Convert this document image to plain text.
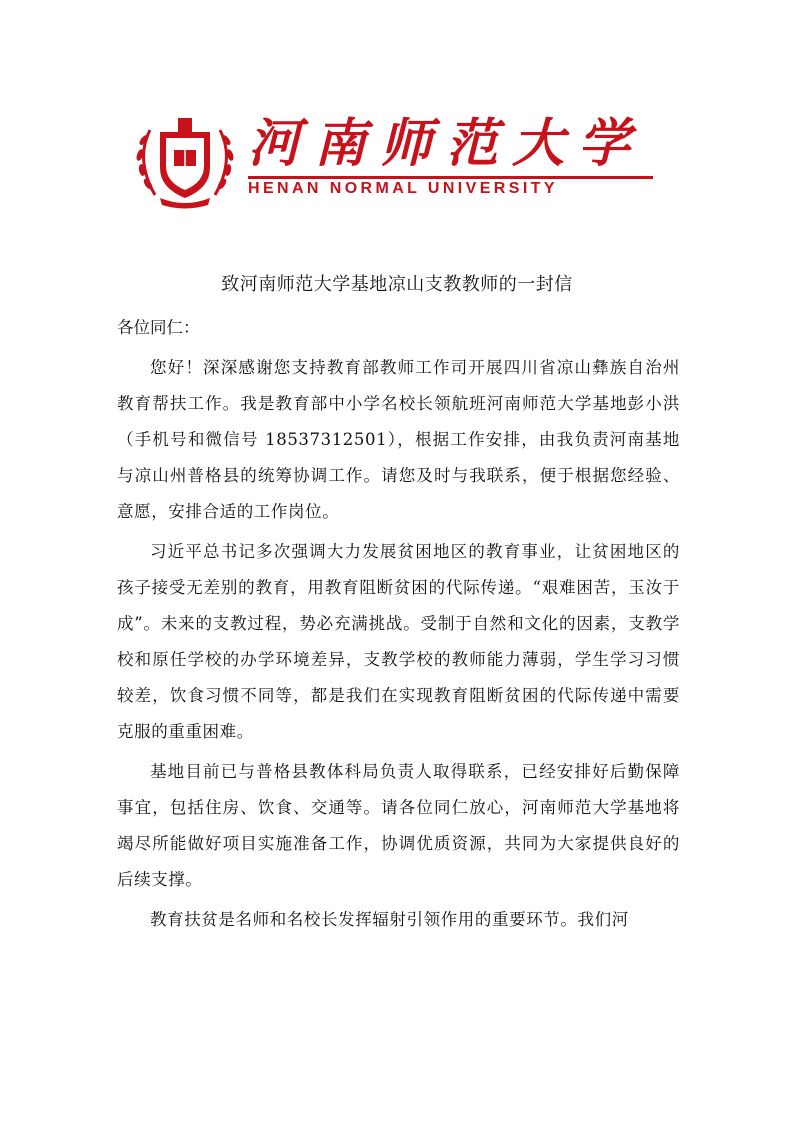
河南师范大学
HENAN NORMAL UNIVERSITY
致河南师范大学基地凉山支教教师的一封信
各位同仁：

您好！深深感谢您支持教育部教师工作司开展四川省凉山彝族自治州教育帮扶工作。我是教育部中小学名校长领航班河南师范大学基地彭小洪（手机号和微信号 18537312501），根据工作安排，由我负责河南基地与凉山州普格县的统筹协调工作。请您及时与我联系，便于根据您经验、意愿，安排合适的工作岗位。

习近平总书记多次强调大力发展贫困地区的教育事业，让贫困地区的孩子接受无差别的教育，用教育阻断贫困的代际传递。“艰难困苦，玉汝于成”。未来的支教过程，势必充满挑战。受制于自然和文化的因素，支教学校和原任学校的办学环境差异，支教学校的教师能力薄弱，学生学习习惯较差，饮食习惯不同等，都是我们在实现教育阻断贫困的代际传递中需要克服的重重困难。

基地目前已与普格县教体科局负责人取得联系，已经安排好后勤保障事宜，包括住房、饮食、交通等。请各位同仁放心，河南师范大学基地将竭尽所能做好项目实施准备工作，协调优质资源，共同为大家提供良好的后续支撑。

教育扶贫是名师和名校长发挥辐射引领作用的重要环节。我们河
